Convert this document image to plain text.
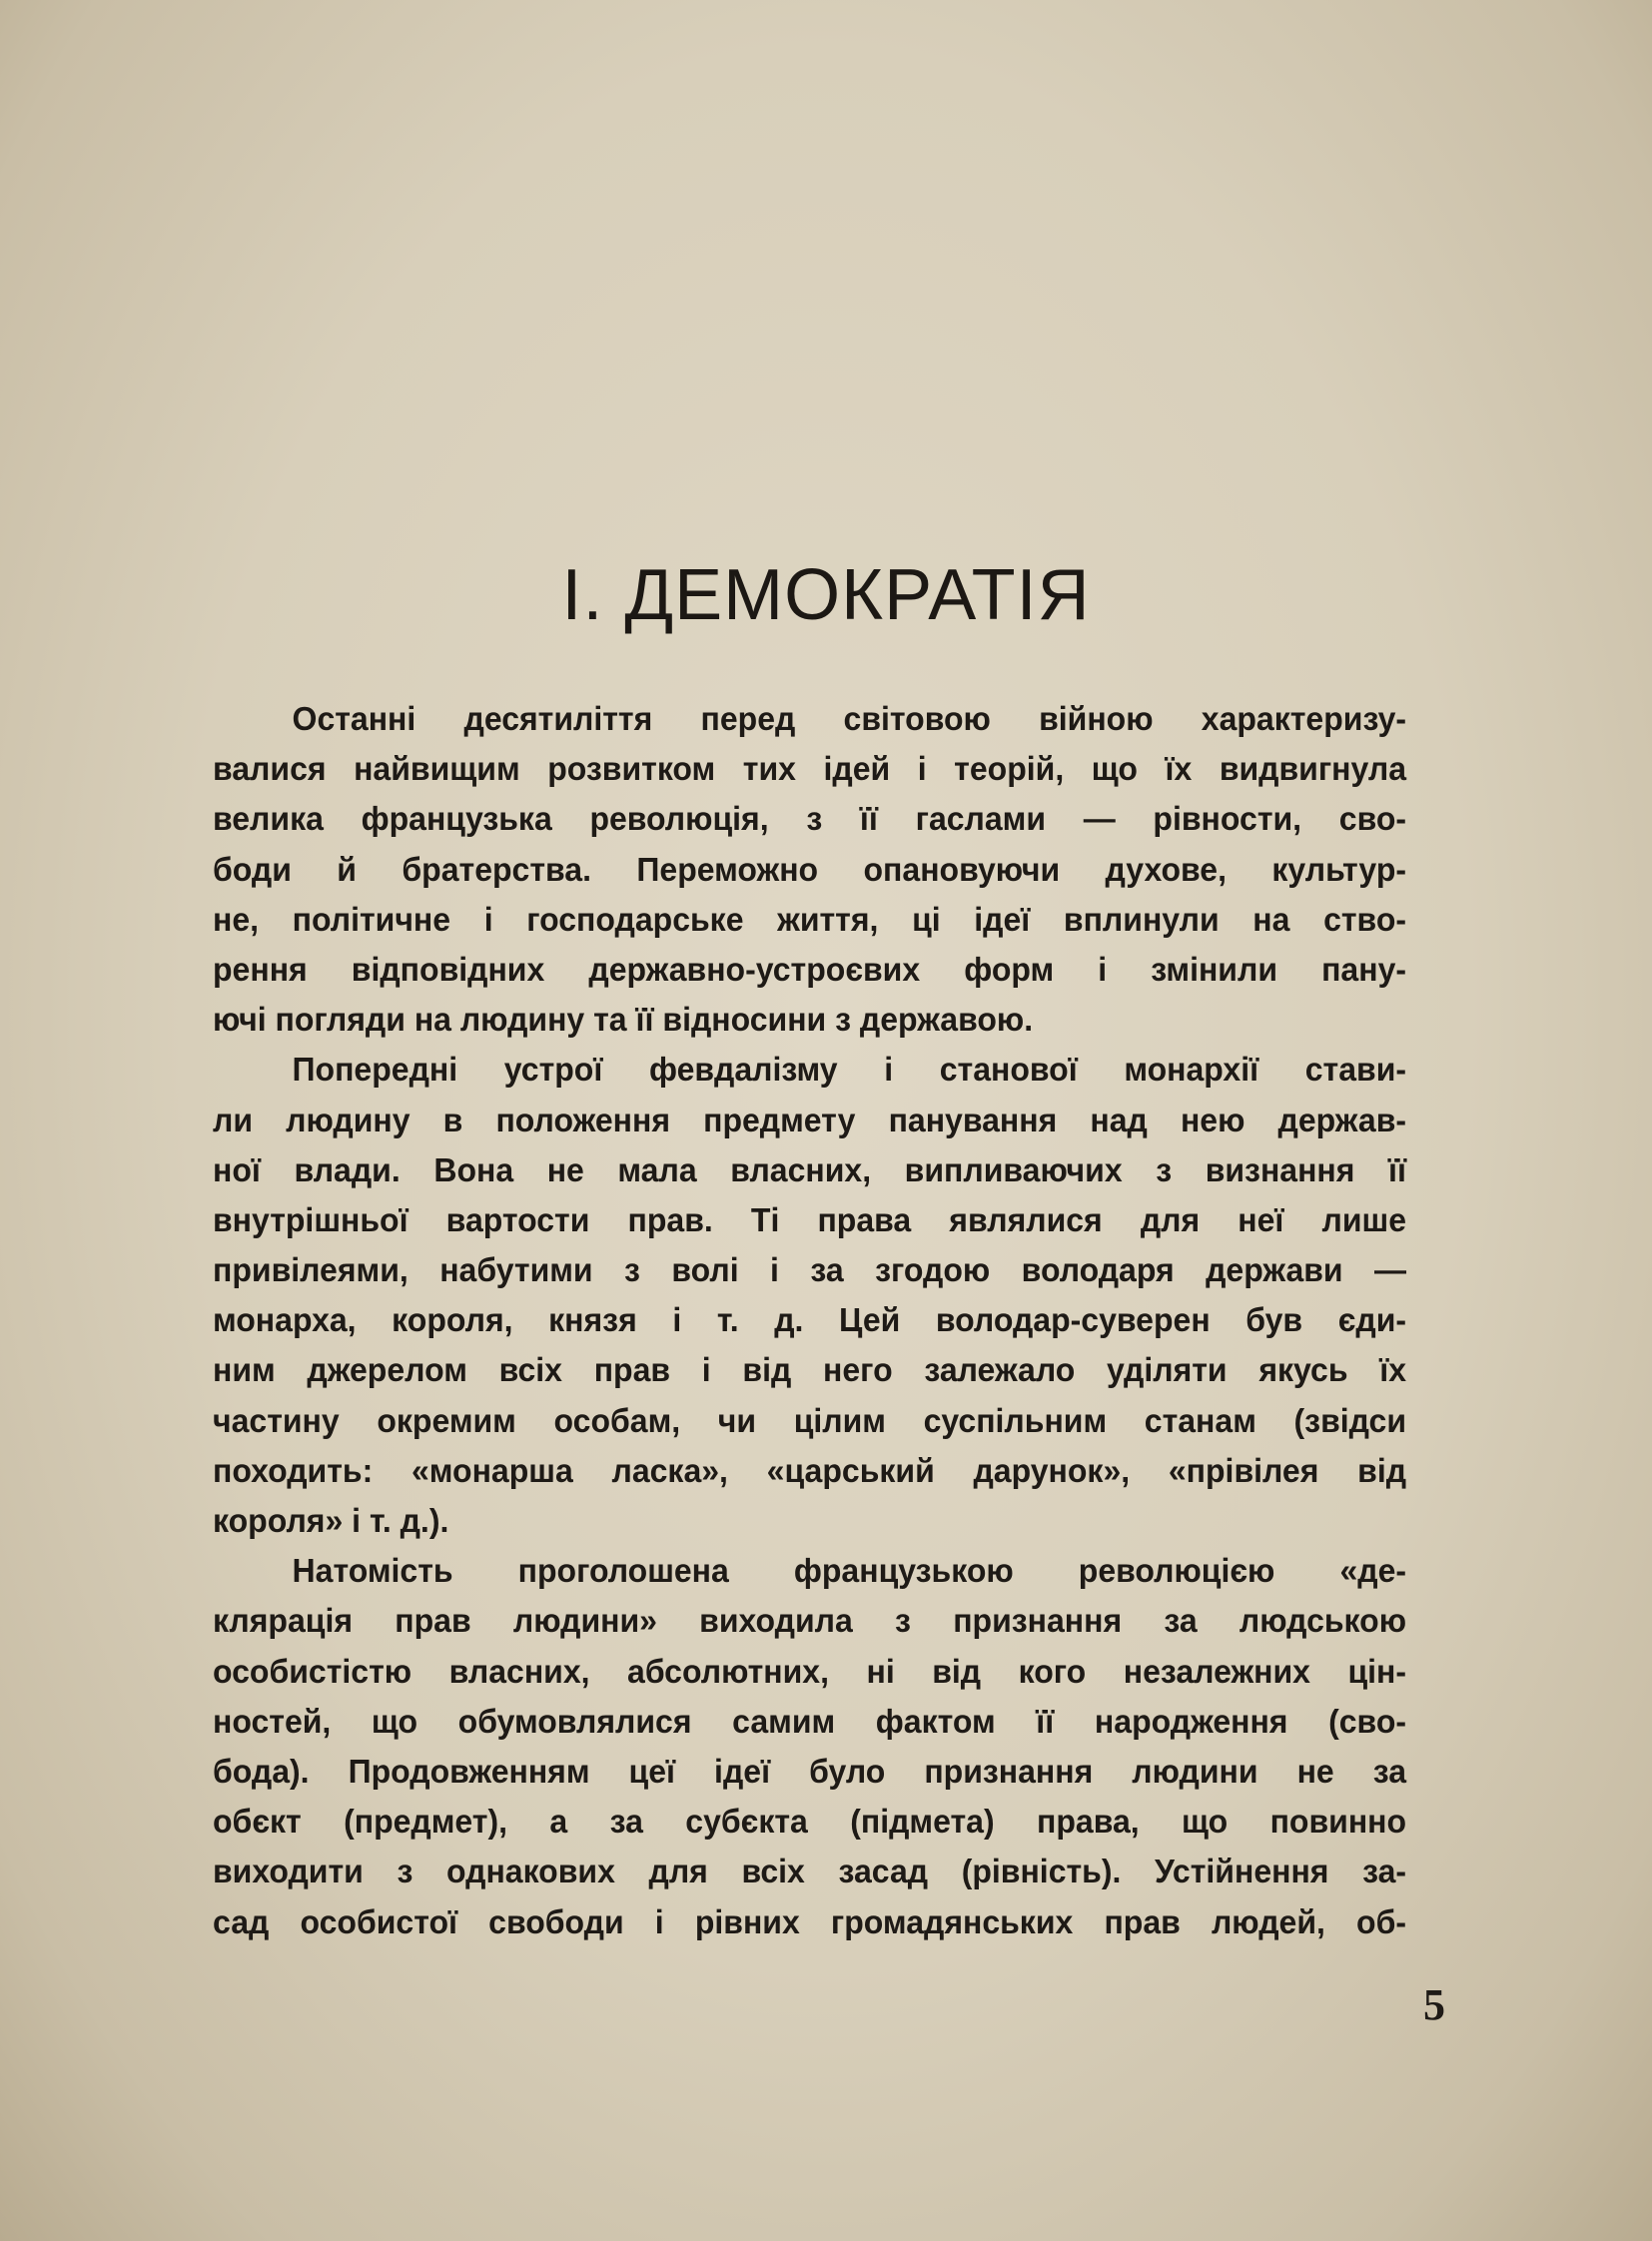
I. ДЕМОКРАТІЯ
Останні десятиліття перед світовою війною характеризу-
валися найвищим розвитком тих ідей і теорій, що їх видвигнула
велика французька революція, з її гаслами — рівности, сво-
боди й братерства. Переможно опановуючи духове, культур-
не, політичне і господарське життя, ці ідеї вплинули на ство-
рення відповідних державно-устроєвих форм і змінили пану-
ючі погляди на людину та її відносини з державою.
Попередні устрої февдалізму і станової монархії стави-
ли людину в положення предмету панування над нею держав-
ної влади. Вона не мала власних, випливаючих з визнання її
внутрішньої вартости прав. Ті права являлися для неї лише
привілеями, набутими з волі і за згодою володаря держави —
монарха, короля, князя і т. д. Цей володар-суверен був єди-
ним джерелом всіх прав і від него залежало уділяти якусь їх
частину окремим особам, чи цілим суспільним станам (звідси
походить: «монарша ласка», «царський дарунок», «прівілея від
короля» і т. д.).
Натомість проголошена французькою революцією «де-
клярація прав людини» виходила з признання за людською
особистістю власних, абсолютних, ні від кого незалежних цін-
ностей, що обумовлялися самим фактом її народження (сво-
бода). Продовженням цеї ідеї було признання людини не за
обєкт (предмет), а за субєкта (підмета) права, що повинно
виходити з однакових для всіх засад (рівність). Устійнення за-
сад особистої свободи і рівних громадянських прав людей, об-
5
